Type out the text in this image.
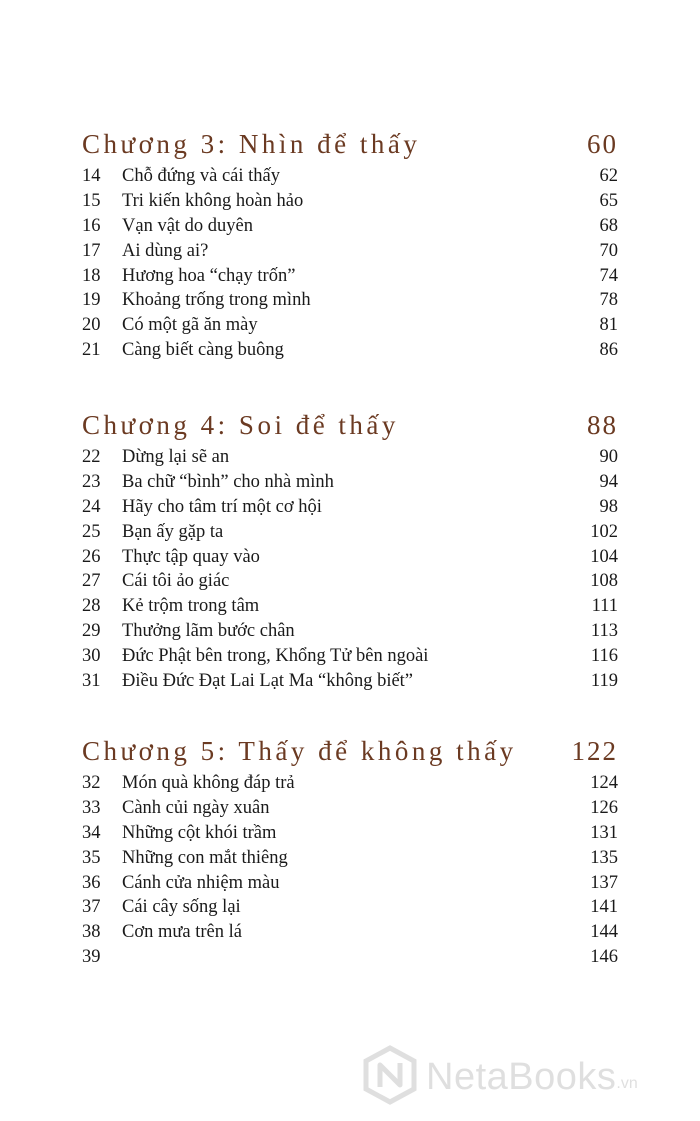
Chương 3: Nhìn để thấy	60
14	Chỗ đứng và cái thấy	62
15	Tri kiến không hoàn hảo	65
16	Vạn vật do duyên	68
17	Ai dùng ai?	70
18	Hương hoa “chạy trốn”	74
19	Khoảng trống trong mình	78
20	Có một gã ăn mày	81
21	Càng biết càng buông	86
Chương 4: Soi để thấy	88
22	Dừng lại sẽ an	90
23	Ba chữ “bình” cho nhà mình	94
24	Hãy cho tâm trí một cơ hội	98
25	Bạn ấy gặp ta	102
26	Thực tập quay vào	104
27	Cái tôi ảo giác	108
28	Kẻ trộm trong tâm	111
29	Thưởng lãm bước chân	113
30	Đức Phật bên trong, Khổng Tử bên ngoài	116
31	Điều Đức Đạt Lai Lạt Ma “không biết”	119
Chương 5: Thấy để không thấy 122
32	Món quà không đáp trả	124
33	Cành củi ngày xuân	126
34	Những cột khói trầm	131
35	Những con mắt thiêng	135
36	Cánh cửa nhiệm màu	137
37	Cái cây sống lại	141
38	Cơn mưa trên lá	144
39	146
NetaBooks .vn
